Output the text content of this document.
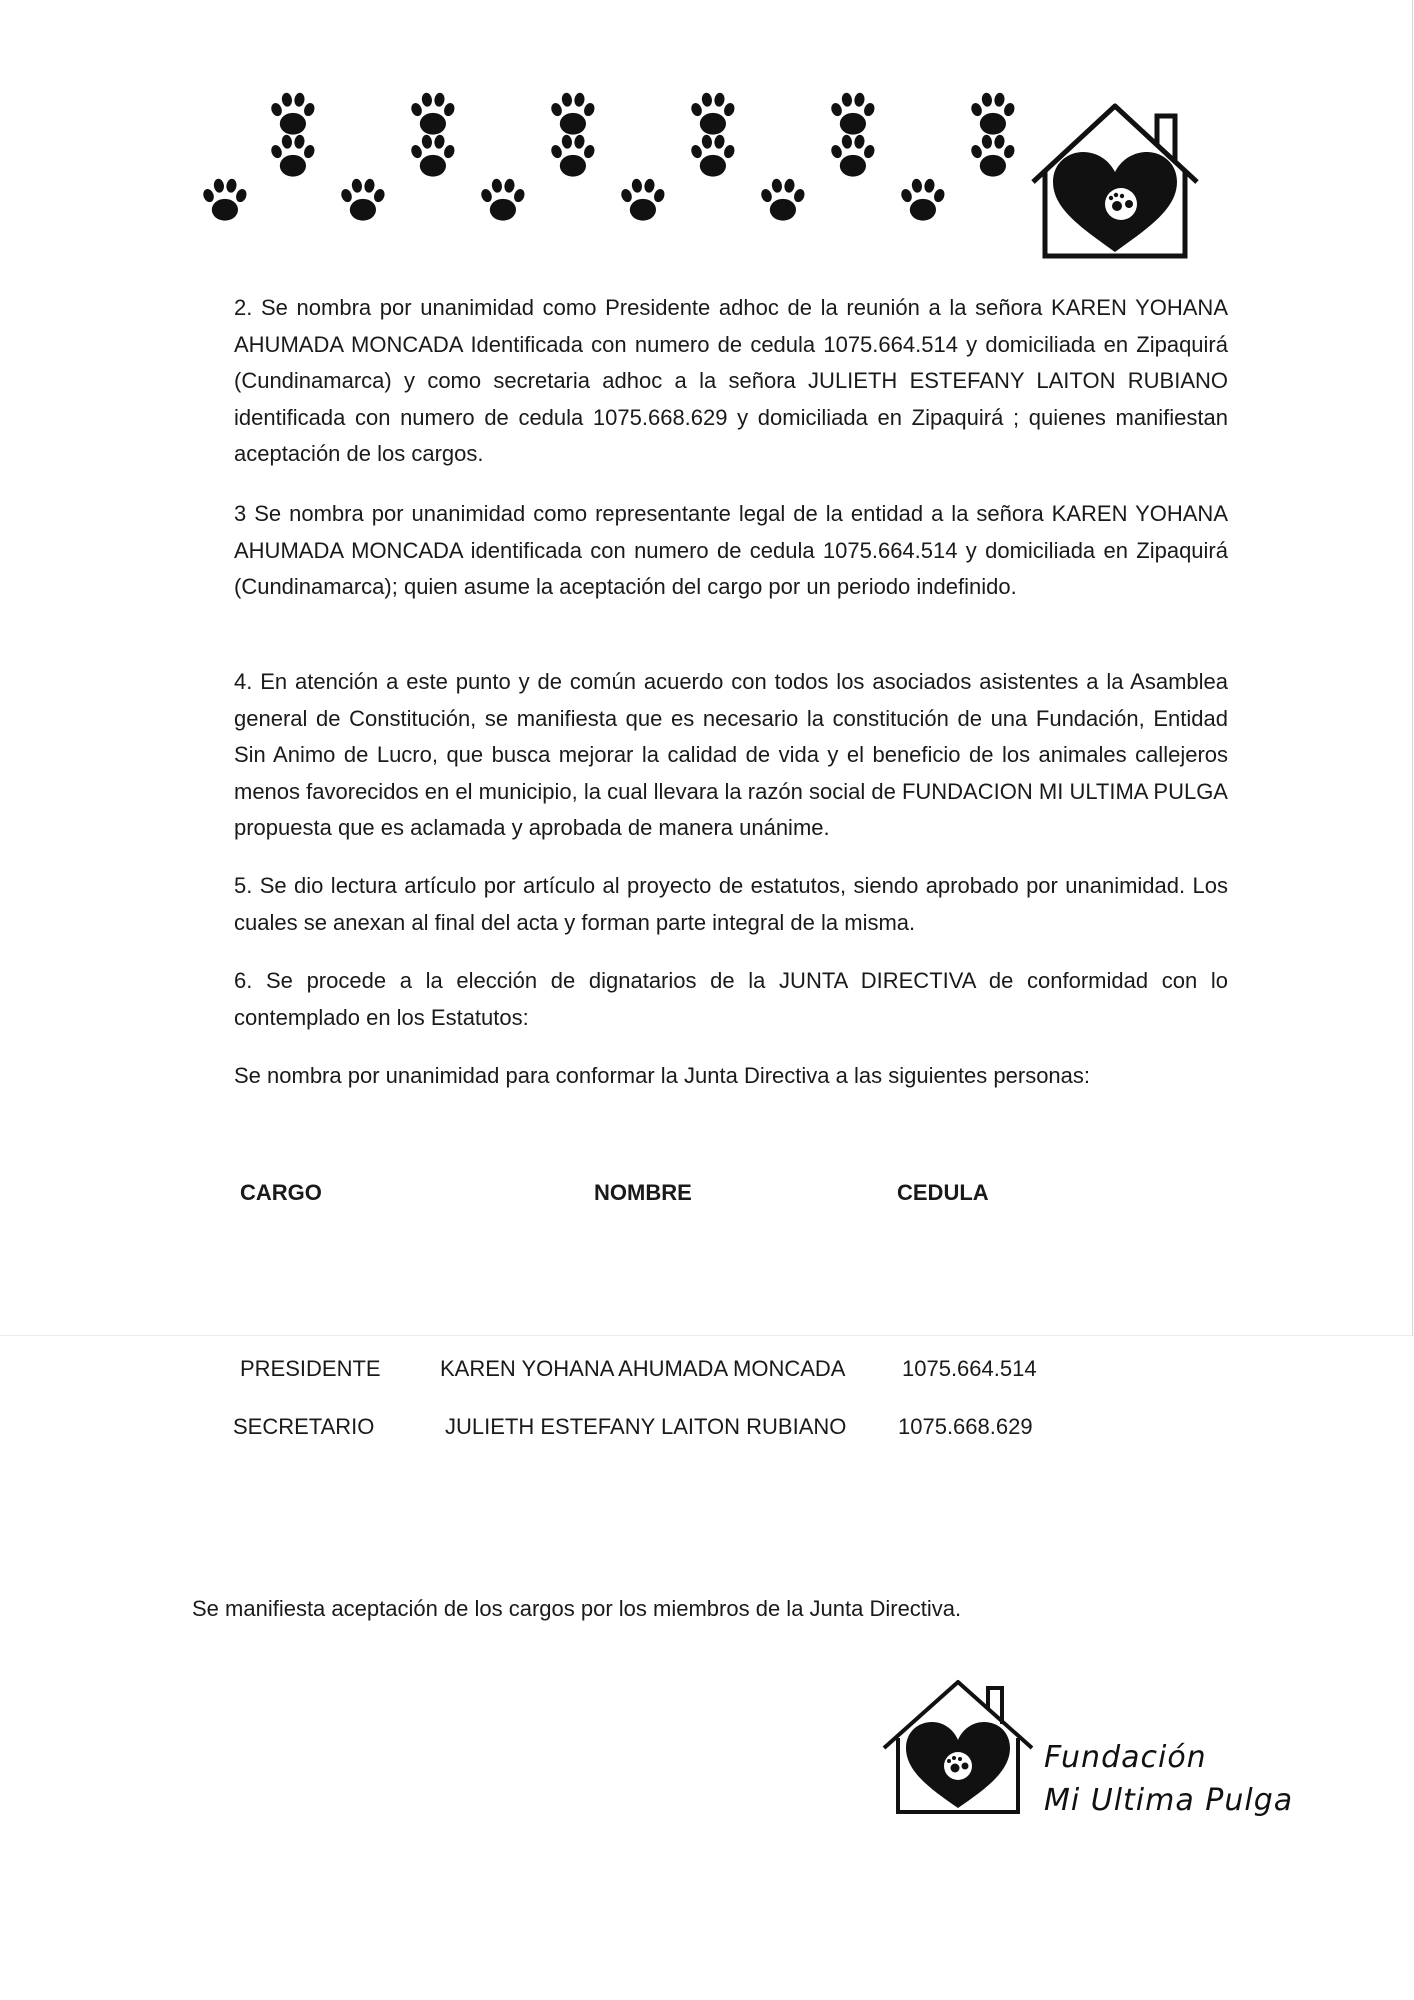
2. Se nombra por unanimidad como Presidente adhoc de la reunión a la señora KAREN YOHANA AHUMADA MONCADA Identificada con numero de cedula 1075.664.514 y domiciliada en Zipaquirá (Cundinamarca) y como secretaria adhoc a la señora JULIETH ESTEFANY LAITON RUBIANO identificada con numero de cedula 1075.668.629 y domiciliada en Zipaquirá ; quienes manifiestan aceptación de los cargos.
3 Se nombra por unanimidad como representante legal de la entidad a la señora KAREN YOHANA AHUMADA MONCADA identificada con numero de cedula 1075.664.514 y domiciliada en Zipaquirá (Cundinamarca); quien asume la aceptación del cargo por un periodo indefinido.
4. En atención a este punto y de común acuerdo con todos los asociados asistentes a la Asamblea general de Constitución, se manifiesta que es necesario la constitución de una Fundación, Entidad Sin Animo de Lucro, que busca mejorar la calidad de vida y el beneficio de los animales callejeros menos favorecidos en el municipio, la cual llevara la razón social de FUNDACION MI ULTIMA PULGA propuesta que es aclamada y aprobada de manera unánime.
5. Se dio lectura artículo por artículo al proyecto de estatutos, siendo aprobado por unanimidad. Los cuales se anexan al final del acta y forman parte integral de la misma.
6. Se procede a la elección de dignatarios de la JUNTA DIRECTIVA de conformidad con lo contemplado en los Estatutos:
Se nombra por unanimidad para conformar la Junta Directiva a las siguientes personas:
CARGO	NOMBRE	CEDULA
PRESIDENTE	KAREN YOHANA AHUMADA MONCADA	1075.664.514
SECRETARIO	JULIETH ESTEFANY LAITON RUBIANO 1075.668.629
Se manifiesta aceptación de los cargos por los miembros de la Junta Directiva.
Fundación
Mi Ultima Pulga
